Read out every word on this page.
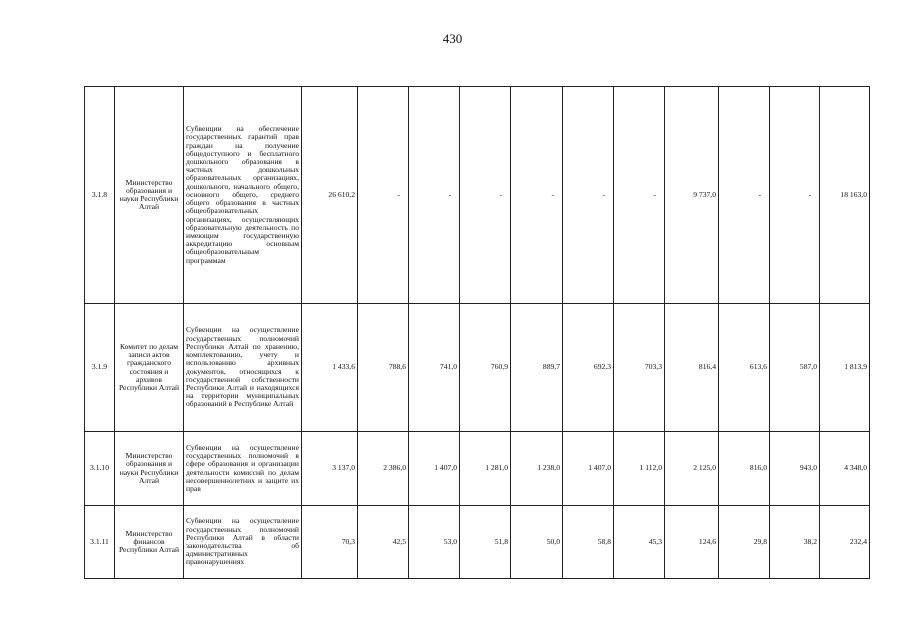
430
3.1.8	Министерство образования и науки Республики Алтай	Субвенции на обеспечение государственных гарантий прав граждан на получение общедоступного и бесплатного дошкольного образования в частных дошкольных образовательных организациях, дошкольного, начального общего, основного общего, среднего общего образования в частных общеобразовательных организациях, осуществляющих образовательную деятельность по имеющим государственную аккредитацию основным общеобразовательным программам	26 610,2	-	-	-	-	-	-	9 737,0	-	-	18 163,0
3.1.9	Комитет по делам записи актов гражданского состояния и архивов Республики Алтай	Субвенции на осуществление государственных полномочий Республики Алтай по хранению, комплектованию, учету и использованию архивных документов, относящихся к государственной собственности Республики Алтай и находящихся на территории муниципальных образований в Республике Алтай	1 433,6	788,6	741,0	760,9	889,7	692,3	703,3	816,4	613,6	587,0	1 813,9
3.1.10	Министерство образования и науки Республики Алтай	Субвенции на осуществление государственных полномочий в сфере образования и организации деятельности комиссий по делам несовершеннолетних и защите их прав	3 137,0	2 386,0	1 407,0	1 281,0	1 238,0	1 407,0	1 112,0	2 125,0	816,0	943,0	4 348,0
3.1.11	Министерство финансов Республики Алтай	Субвенции на осуществление государственных полномочий Республики Алтай в области законодательства об административных правонарушениях	70,3	42,5	53,0	51,8	50,0	58,8	45,3	124,6	29,8	38,2	232,4
